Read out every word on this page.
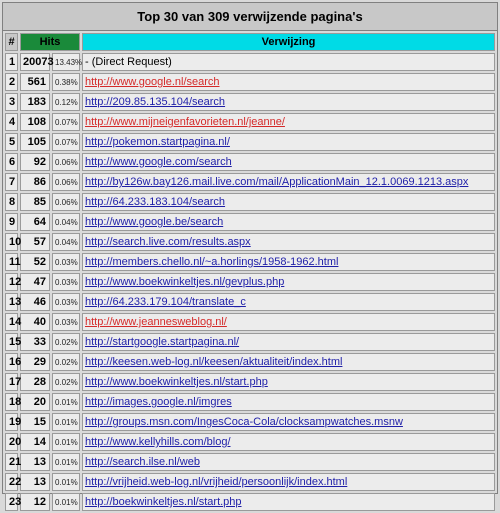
Top 30 van 309 verwijzende pagina's
#	Hits		Verwijzing
1	20073	13.43%	- (Direct Request)
2	561	0.38%	http://www.google.nl/search
3	183	0.12%	http://209.85.135.104/search
4	108	0.07%	http://www.mijneigenfavorieten.nl/jeanne/
5	105	0.07%	http://pokemon.startpagina.nl/
6	92	0.06%	http://www.google.com/search
7	86	0.06%	http://by126w.bay126.mail.live.com/mail/ApplicationMain_12.1.0069.1213.aspx
8	85	0.06%	http://64.233.183.104/search
9	64	0.04%	http://www.google.be/search
10	57	0.04%	http://search.live.com/results.aspx
11	52	0.03%	http://members.chello.nl/~a.horlings/1958-1962.html
12	47	0.03%	http://www.boekwinkeltjes.nl/gevplus.php
13	46	0.03%	http://64.233.179.104/translate_c
14	40	0.03%	http://www.jeannesweblog.nl/
15	33	0.02%	http://startgoogle.startpagina.nl/
16	29	0.02%	http://keesen.web-log.nl/keesen/aktualiteit/index.html
17	28	0.02%	http://www.boekwinkeltjes.nl/start.php
18	20	0.01%	http://images.google.nl/imgres
19	15	0.01%	http://groups.msn.com/IngesCoca-Cola/clocksampwatches.msnw
20	14	0.01%	http://www.kellyhills.com/blog/
21	13	0.01%	http://search.ilse.nl/web
22	13	0.01%	http://vrijheid.web-log.nl/vrijheid/persoonlijk/index.html
23	12	0.01%	http://boekwinkeltjes.nl/start.php
